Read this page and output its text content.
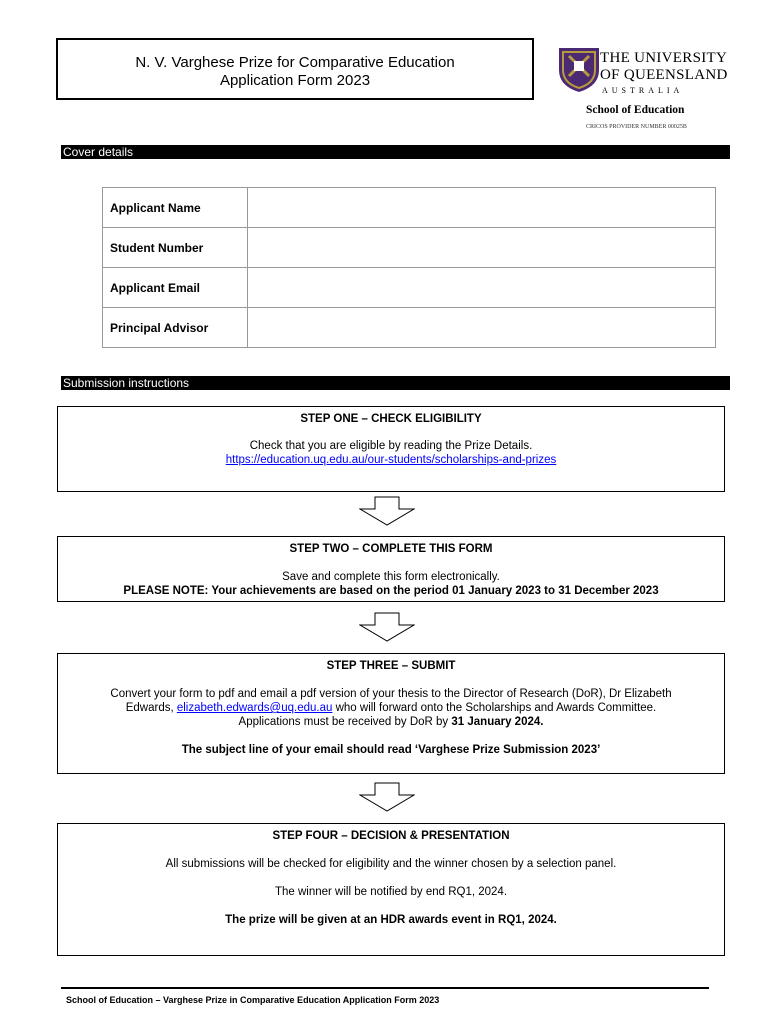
N. V. Varghese Prize for Comparative Education
Application Form 2023
THE UNIVERSITY
OF QUEENSLAND
AUSTRALIA
School of Education
CRICOS PROVIDER NUMBER 00025B
Cover details
Applicant Name	
Student Number	
Applicant Email	
Principal Advisor	
Submission instructions

STEP ONE – CHECK ELIGIBILITY

Check that you are eligible by reading the Prize Details.

https://education.uq.edu.au/our-students/scholarships-and-prizes

STEP TWO – COMPLETE THIS FORM

Save and complete this form electronically.

PLEASE NOTE: Your achievements are based on the period 01 January 2023 to 31 December 2023

STEP THREE – SUBMIT

Convert your form to pdf and email a pdf version of your thesis to the Director of Research (DoR), Dr Elizabeth

Edwards, elizabeth.edwards@uq.edu.au who will forward onto the Scholarships and Awards Committee.

Applications must be received by DoR by 31 January 2024.

The subject line of your email should read ‘Varghese Prize Submission 2023’

STEP FOUR – DECISION & PRESENTATION

All submissions will be checked for eligibility and the winner chosen by a selection panel.

The winner will be notified by end RQ1, 2024.

The prize will be given at an HDR awards event in RQ1, 2024.

School of Education – Varghese Prize in Comparative Education Application Form 2023
